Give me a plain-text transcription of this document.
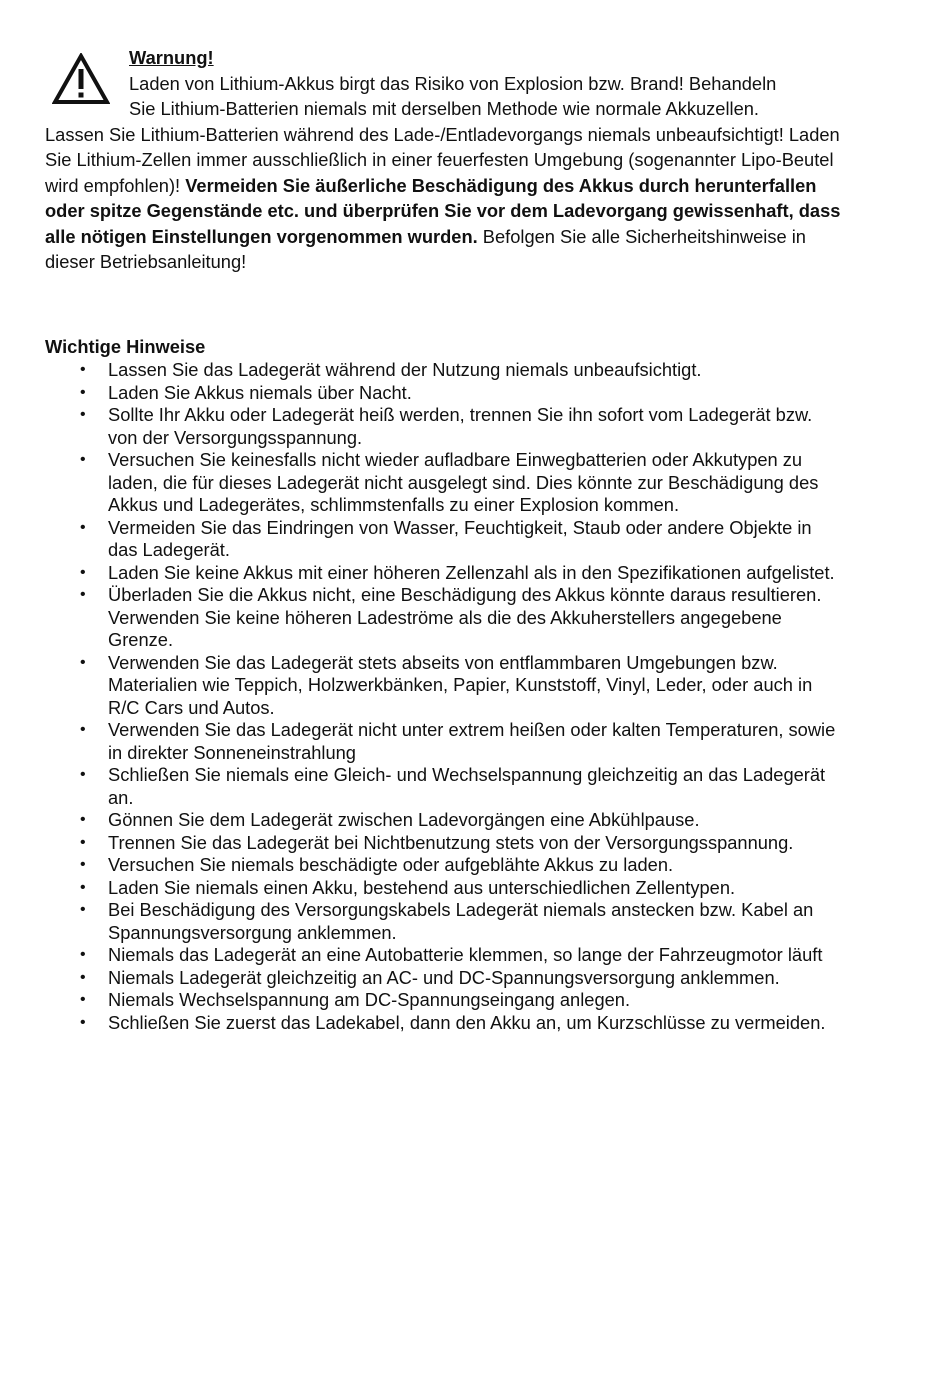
Warnung!
Laden von Lithium-Akkus birgt das Risiko von Explosion bzw. Brand! Behandeln
Sie Lithium-Batterien niemals mit derselben Methode wie normale Akkuzellen.

Lassen Sie Lithium-Batterien während des Lade-/Entladevorgangs niemals unbeaufsichtigt! Laden Sie Lithium-Zellen immer ausschließlich in einer feuerfesten Umgebung (sogenannter Lipo-Beutel wird empfohlen)! Vermeiden Sie äußerliche Beschädigung des Akkus durch herunterfallen oder spitze Gegenstände etc. und überprüfen Sie vor dem Ladevorgang gewissenhaft, dass alle nötigen Einstellungen vorgenommen wurden. Befolgen Sie alle Sicherheitshinweise in dieser Betriebsanleitung!

Wichtige Hinweise

• Lassen Sie das Ladegerät während der Nutzung niemals unbeaufsichtigt.
• Laden Sie Akkus niemals über Nacht.
• Sollte Ihr Akku oder Ladegerät heiß werden, trennen Sie ihn sofort vom Ladegerät bzw. von der Versorgungsspannung.
• Versuchen Sie keinesfalls nicht wieder aufladbare Einwegbatterien oder Akkutypen zu laden, die für dieses Ladegerät nicht ausgelegt sind. Dies könnte zur Beschädigung des Akkus und Ladegerätes, schlimmstenfalls zu einer Explosion kommen.
• Vermeiden Sie das Eindringen von Wasser, Feuchtigkeit, Staub oder andere Objekte in das Ladegerät.
• Laden Sie keine Akkus mit einer höheren Zellenzahl als in den Spezifikationen aufgelistet.
• Überladen Sie die Akkus nicht, eine Beschädigung des Akkus könnte daraus resultieren. Verwenden Sie keine höheren Ladeströme als die des Akkuherstellers angegebene Grenze.
• Verwenden Sie das Ladegerät stets abseits von entflammbaren Umgebungen bzw. Materialien wie Teppich, Holzwerkbänken, Papier, Kunststoff, Vinyl, Leder, oder auch in R/C Cars und Autos.
• Verwenden Sie das Ladegerät nicht unter extrem heißen oder kalten Temperaturen, sowie in direkter Sonneneinstrahlung
• Schließen Sie niemals eine Gleich- und Wechselspannung gleichzeitig an das Ladegerät an.
• Gönnen Sie dem Ladegerät zwischen Ladevorgängen eine Abkühlpause.
• Trennen Sie das Ladegerät bei Nichtbenutzung stets von der Versorgungsspannung.
• Versuchen Sie niemals beschädigte oder aufgeblähte Akkus zu laden.
• Laden Sie niemals einen Akku, bestehend aus unterschiedlichen Zellentypen.
• Bei Beschädigung des Versorgungskabels Ladegerät niemals anstecken bzw. Kabel an Spannungsversorgung anklemmen.
• Niemals das Ladegerät an eine Autobatterie klemmen, so lange der Fahrzeugmotor läuft
• Niemals Ladegerät gleichzeitig an AC- und DC-Spannungsversorgung anklemmen.
• Niemals Wechselspannung am DC-Spannungseingang anlegen.
• Schließen Sie zuerst das Ladekabel, dann den Akku an, um Kurzschlüsse zu vermeiden.
